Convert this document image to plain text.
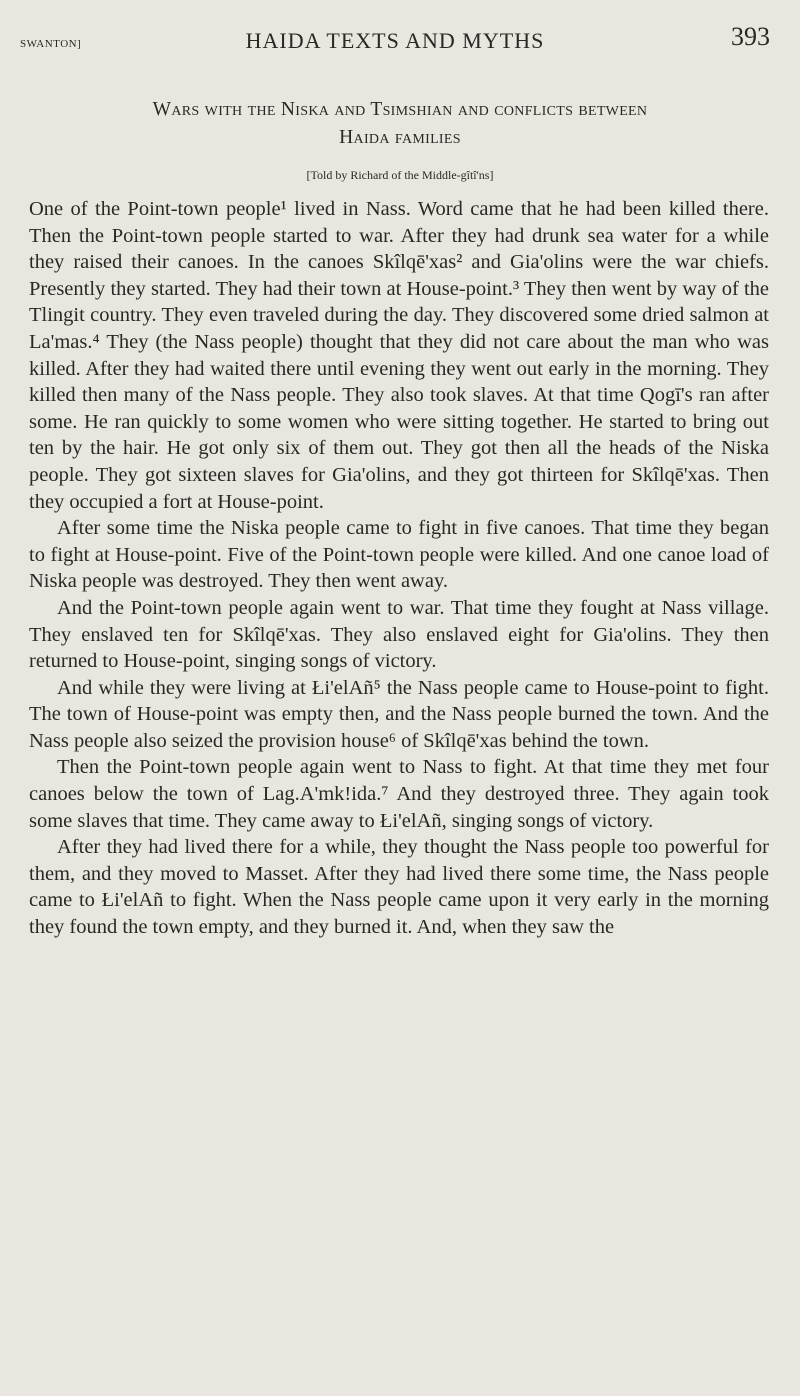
SWANTON]	HAIDA TEXTS AND MYTHS	393
Wars with the Niska and Tsimshian and conflicts between
Haida families
[Told by Richard of the Middle-gîtî'ns]

One of the Point-town people¹ lived in Nass. Word came that he had been killed there. Then the Point-town people started to war. After they had drunk sea water for a while they raised their canoes. In the canoes Skîlqē'xas² and Gia'olins were the war chiefs. Presently they started. They had their town at House-point.³ They then went by way of the Tlingit country. They even traveled during the day. They discovered some dried salmon at La'mas.⁴ They (the Nass people) thought that they did not care about the man who was killed. After they had waited there until evening they went out early in the morning. They killed then many of the Nass people. They also took slaves. At that time Qogī's ran after some. He ran quickly to some women who were sitting together. He started to bring out ten by the hair. He got only six of them out. They got then all the heads of the Niska people. They got sixteen slaves for Gia'olins, and they got thirteen for Skîlqē'xas. Then they occupied a fort at House-point.

After some time the Niska people came to fight in five canoes. That time they began to fight at House-point. Five of the Point-town people were killed. And one canoe load of Niska people was destroyed. They then went away.

And the Point-town people again went to war. That time they fought at Nass village. They enslaved ten for Skîlqē'xas. They also enslaved eight for Gia'olins. They then returned to House-point, singing songs of victory.

And while they were living at Łi'elAñ⁵ the Nass people came to House-point to fight. The town of House-point was empty then, and the Nass people burned the town. And the Nass people also seized the provision house⁶ of Skîlqē'xas behind the town.

Then the Point-town people again went to Nass to fight. At that time they met four canoes below the town of Lag.A'mk!ida.⁷ And they destroyed three. They again took some slaves that time. They came away to Łi'elAñ, singing songs of victory.

After they had lived there for a while, they thought the Nass people too powerful for them, and they moved to Masset. After they had lived there some time, the Nass people came to Łi'elAñ to fight. When the Nass people came upon it very early in the morning they found the town empty, and they burned it. And, when they saw the
